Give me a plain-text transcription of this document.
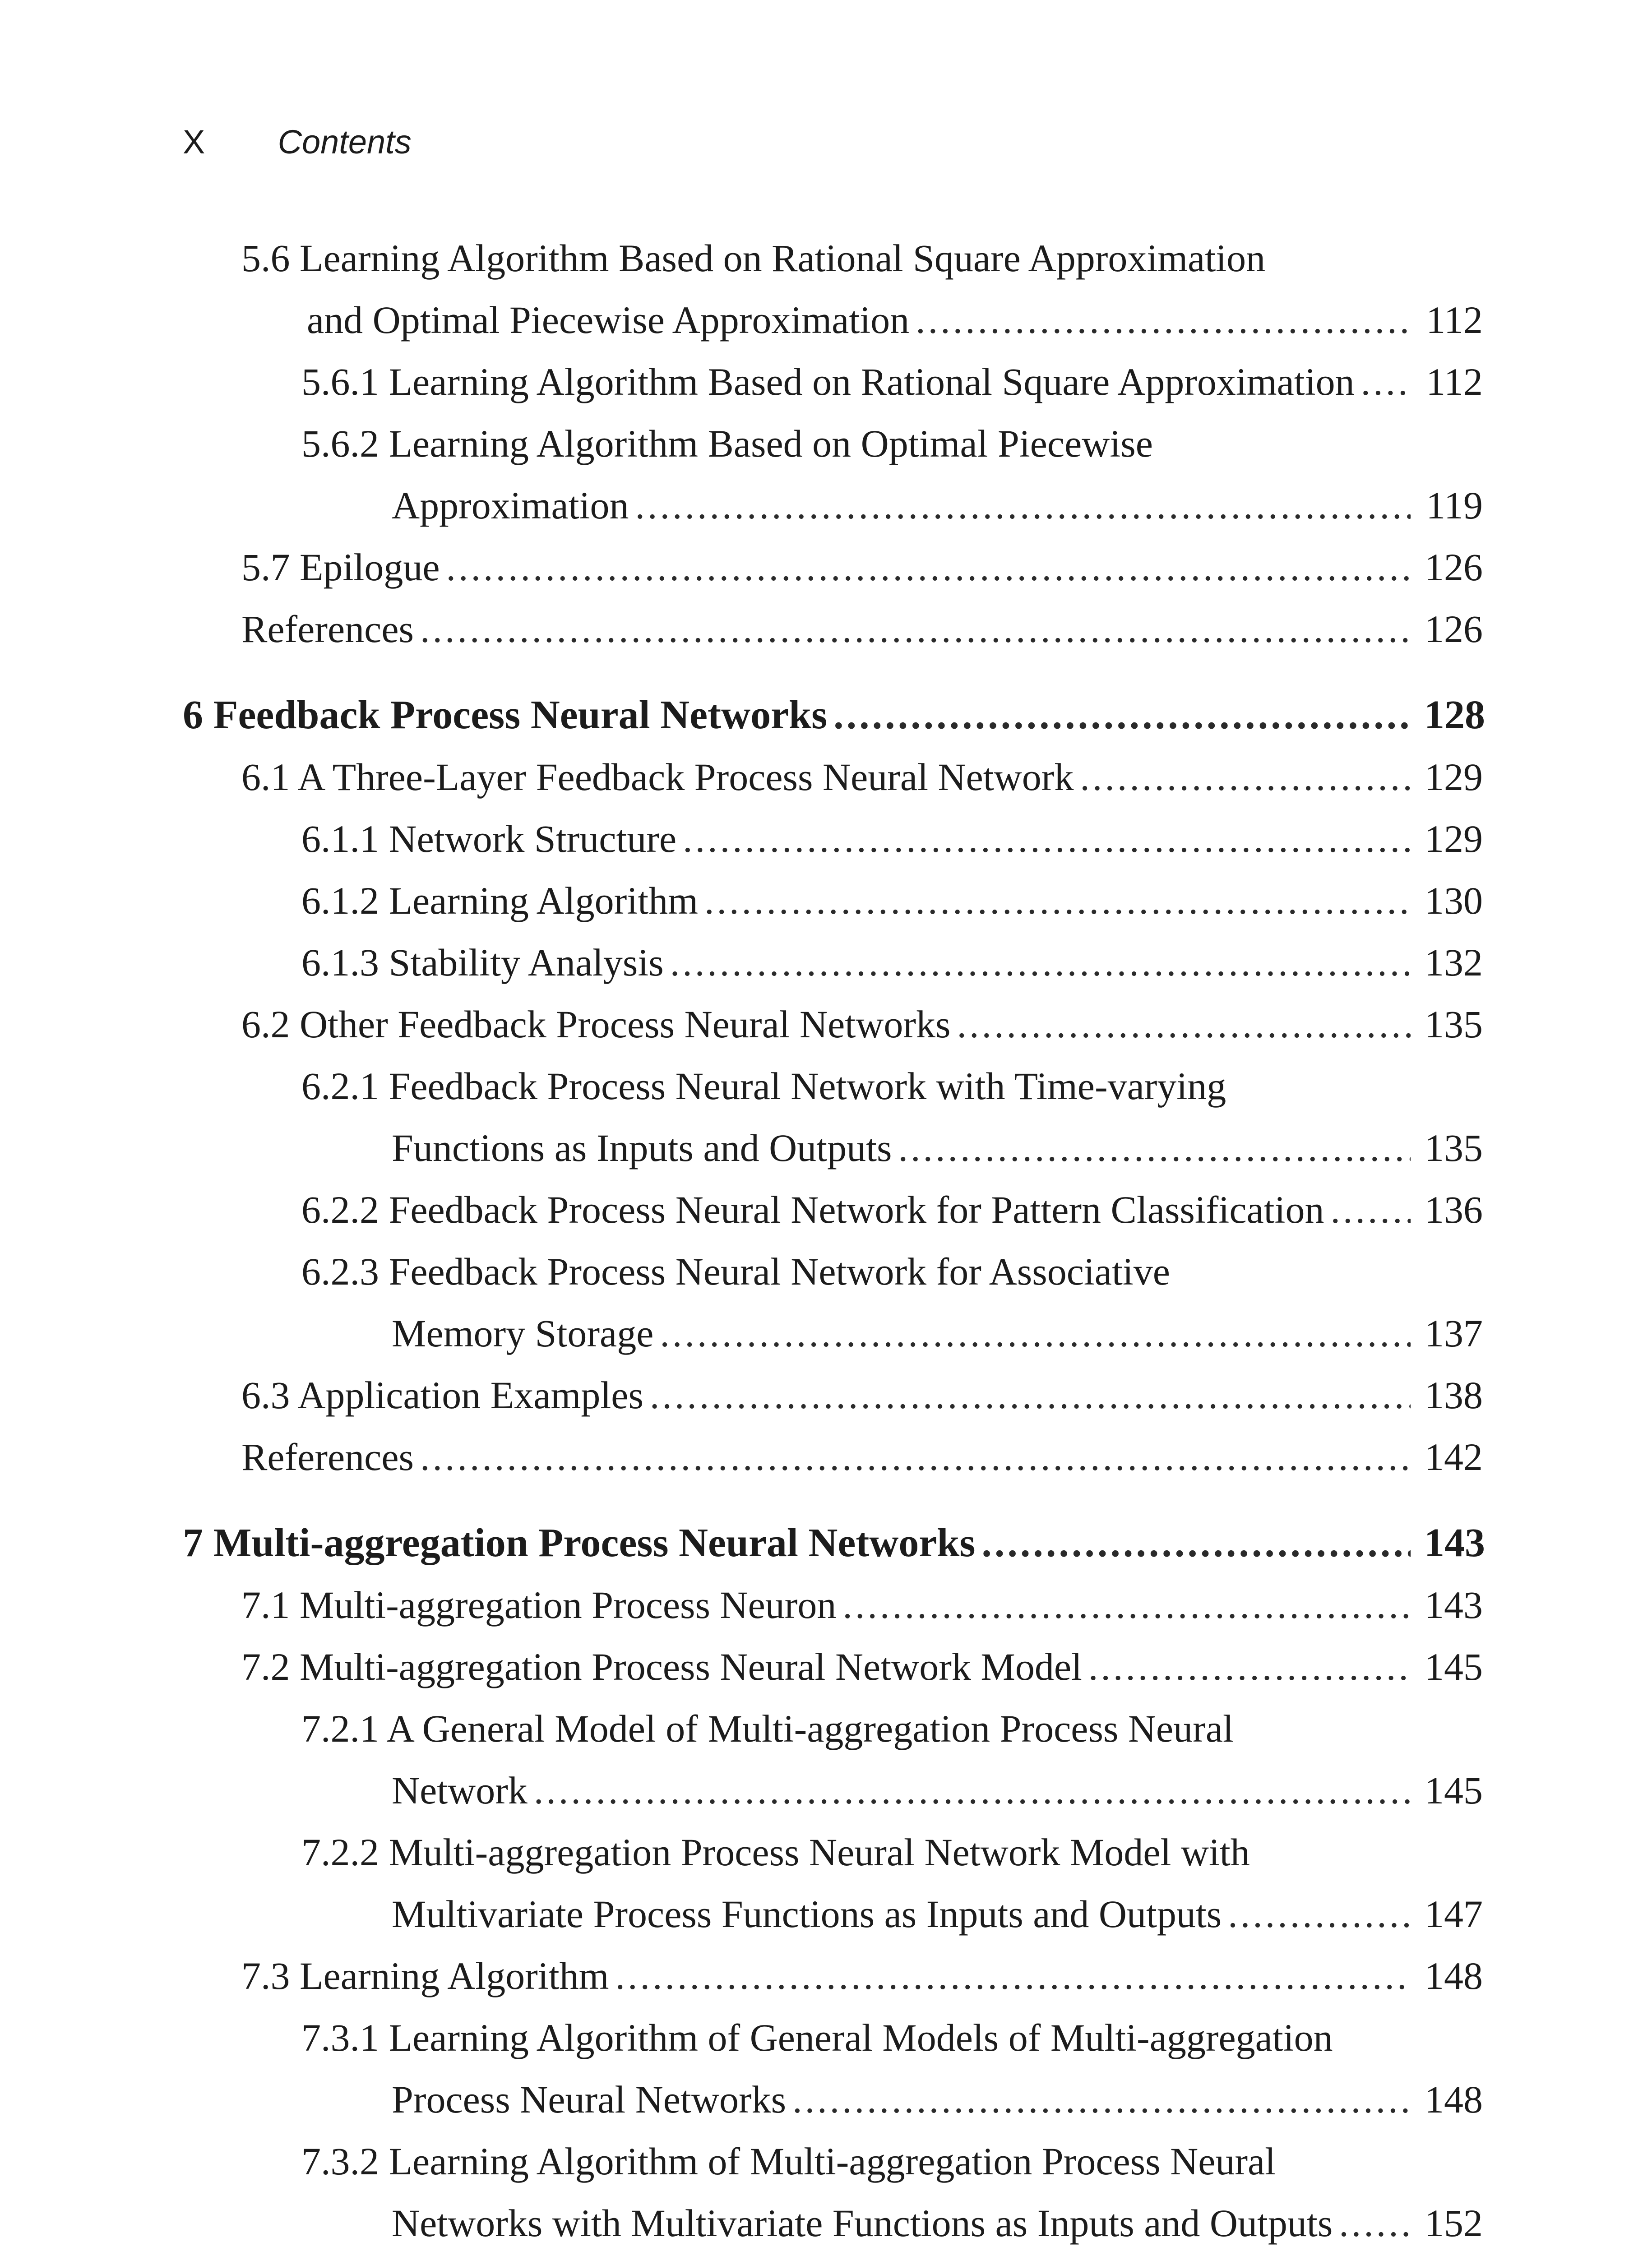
X Contents
5.6 Learning Algorithm Based on Rational Square Approximation
and Optimal Piecewise Approximation .....	112
5.6.1 Learning Algorithm Based on Rational Square Approximation ..... 112
5.6.2 Learning Algorithm Based on Optimal Piecewise
Approximation .....	119
5.7 Epilogue .....	126
References .....	126
6 Feedback Process Neural Networks .....	128
6.1 A Three-Layer Feedback Process Neural Network .....	129
6.1.1 Network Structure .....	129
6.1.2 Learning Algorithm .....	130
6.1.3 Stability Analysis .....	132
6.2 Other Feedback Process Neural Networks .....	135
6.2.1 Feedback Process Neural Network with Time-varying
Functions as Inputs and Outputs .....	135
6.2.2 Feedback Process Neural Network for Pattern Classification .....	136
6.2.3 Feedback Process Neural Network for Associative
Memory Storage .....	137
6.3 Application Examples .....	138
References .....	142
7 Multi-aggregation Process Neural Networks .....	143
7.1 Multi-aggregation Process Neuron .....	143
7.2 Multi-aggregation Process Neural Network Model .....	145
7.2.1 A General Model of Multi-aggregation Process Neural
Network .....	145
7.2.2 Multi-aggregation Process Neural Network Model with
Multivariate Process Functions as Inputs and Outputs .....	147
7.3 Learning Algorithm .....	148
7.3.1 Learning Algorithm of General Models of Multi-aggregation
Process Neural Networks .....	148
7.3.2 Learning Algorithm of Multi-aggregation Process Neural
Networks with Multivariate Functions as Inputs and Outputs ..... 152
